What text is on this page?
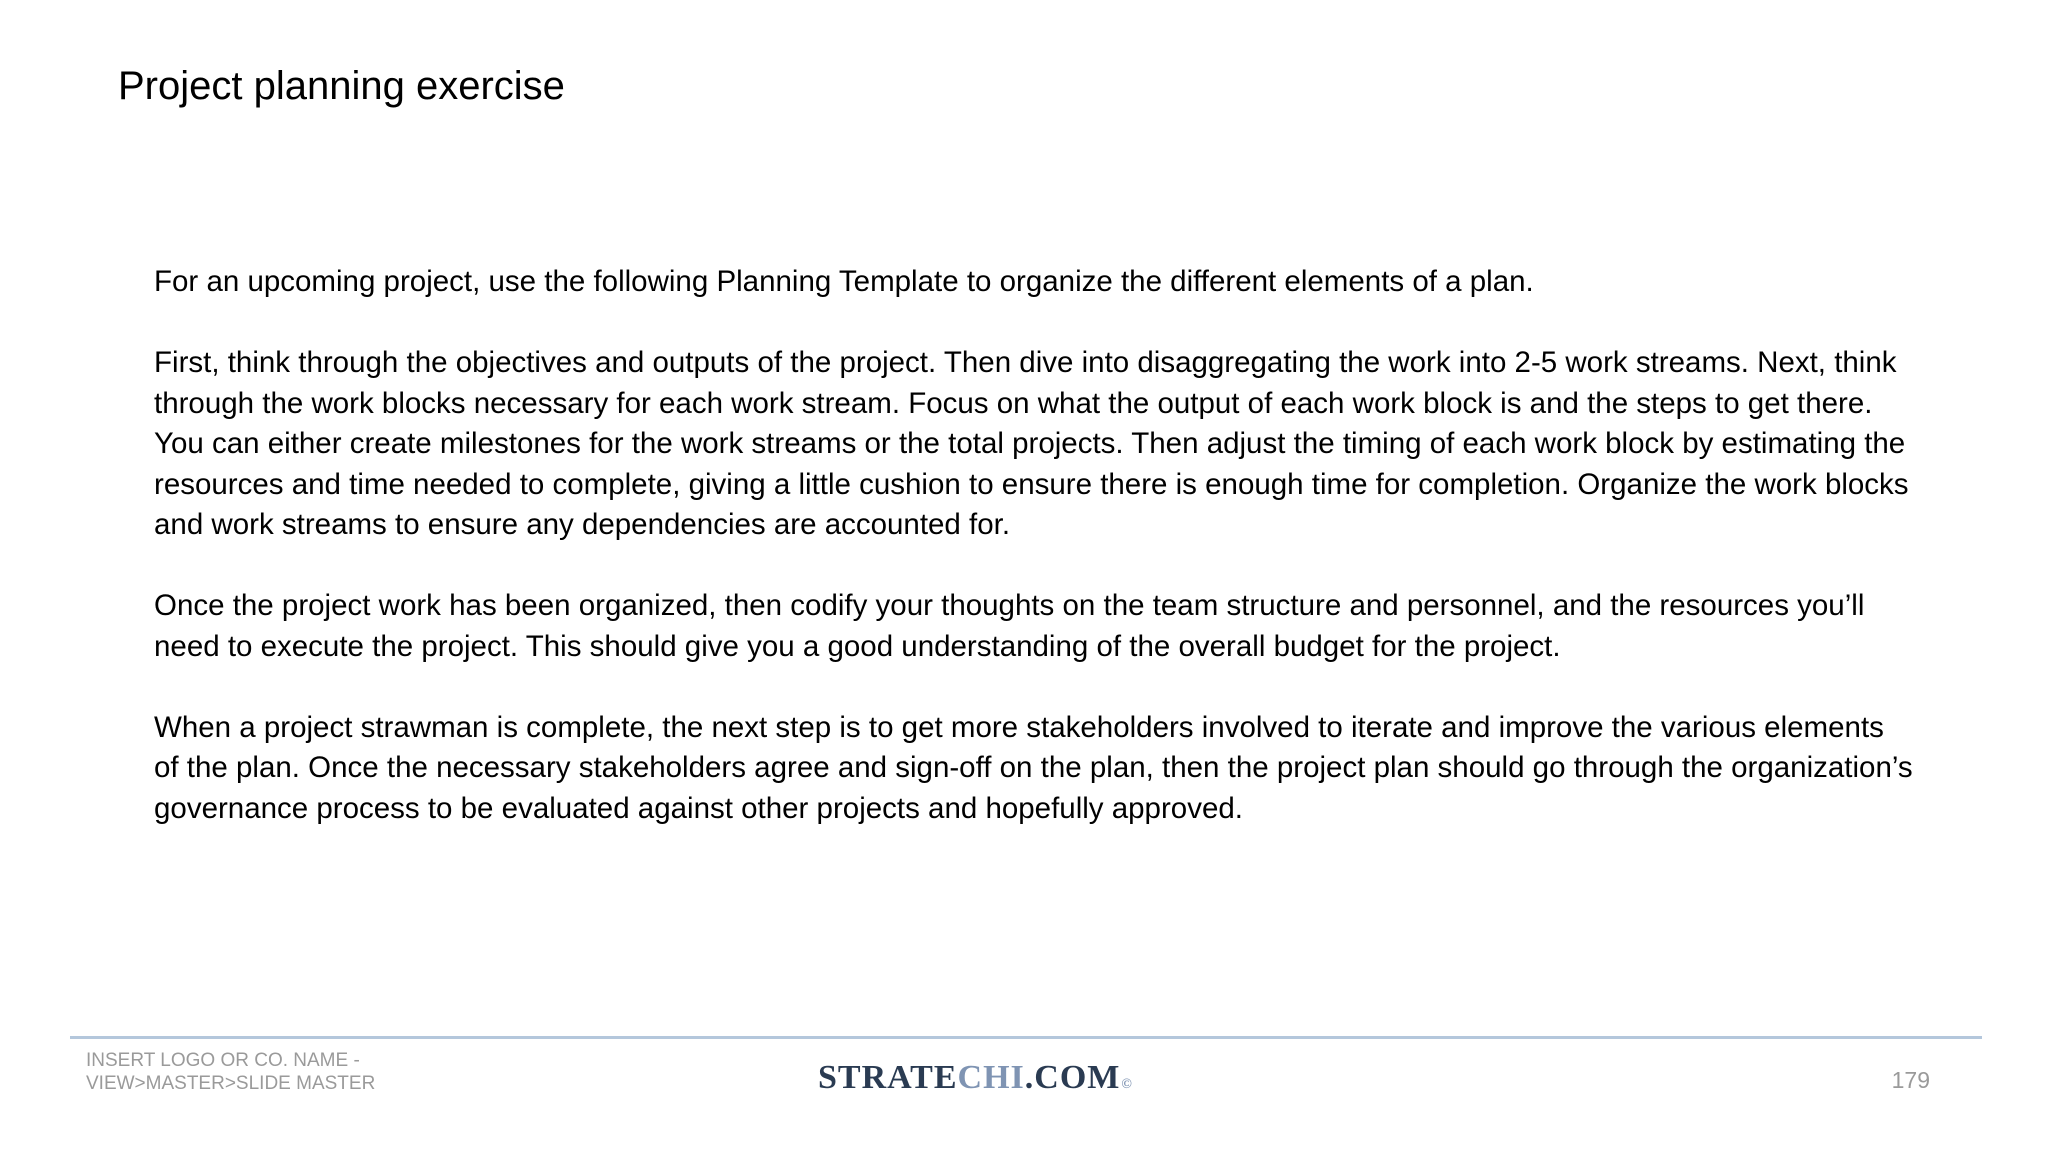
Project planning exercise

For an upcoming project, use the following Planning Template to organize the different elements of a plan.

First, think through the objectives and outputs of the project. Then dive into disaggregating the work into 2-5 work streams. Next, think through the work blocks necessary for each work stream. Focus on what the output of each work block is and the steps to get there. You can either create milestones for the work streams or the total projects. Then adjust the timing of each work block by estimating the resources and time needed to complete, giving a little cushion to ensure there is enough time for completion. Organize the work blocks and work streams to ensure any dependencies are accounted for.

Once the project work has been organized, then codify your thoughts on the team structure and personnel, and the resources you’ll need to execute the project. This should give you a good understanding of the overall budget for the project.

When a project strawman is complete, the next step is to get more stakeholders involved to iterate and improve the various elements of the plan. Once the necessary stakeholders agree and sign-off on the plan, then the project plan should go through the organization’s governance process to be evaluated against other projects and hopefully approved.

INSERT LOGO OR CO. NAME -
VIEW>MASTER>SLIDE MASTER	STRATECHI.COM©	179
